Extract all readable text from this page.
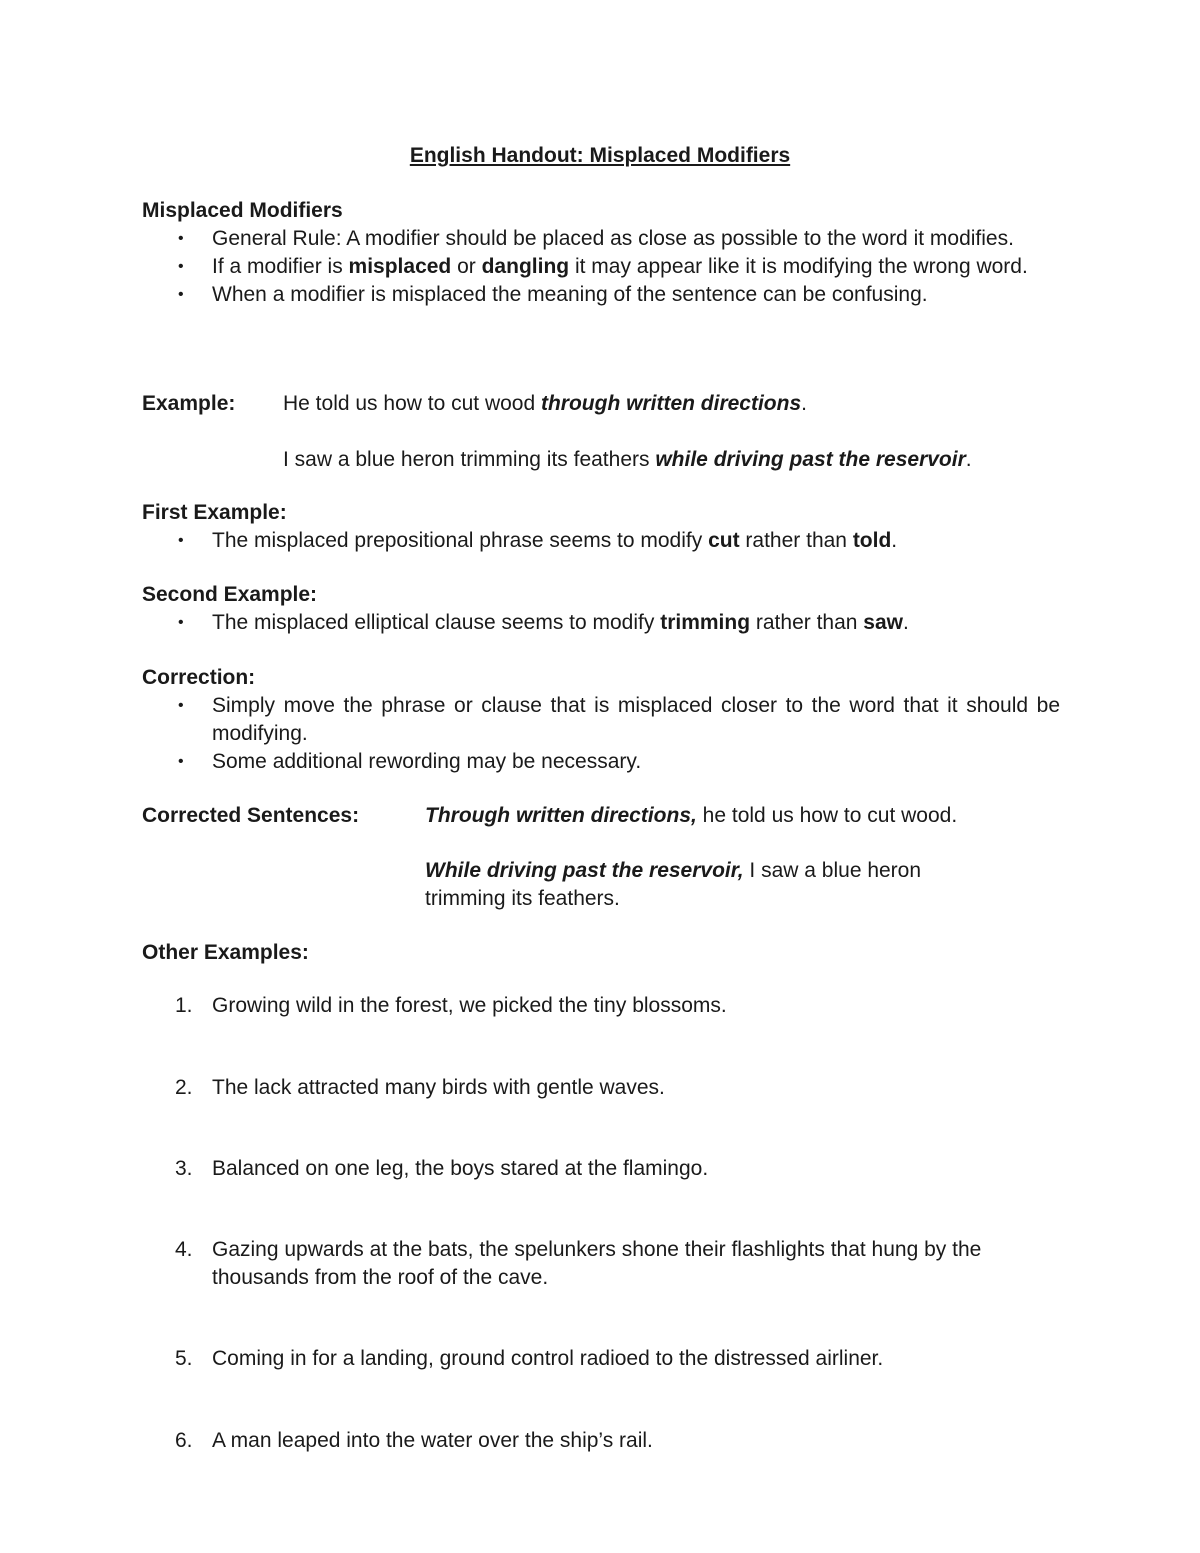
English Handout: Misplaced Modifiers
Misplaced Modifiers
• General Rule: A modifier should be placed as close as possible to the word it modifies.
• If a modifier is misplaced or dangling it may appear like it is modifying the wrong word.
• When a modifier is misplaced the meaning of the sentence can be confusing.
Example: He told us how to cut wood through written directions.
I saw a blue heron trimming its feathers while driving past the reservoir.
First Example:
• The misplaced prepositional phrase seems to modify cut rather than told.
Second Example:
• The misplaced elliptical clause seems to modify trimming rather than saw.
Correction:
• Simply move the phrase or clause that is misplaced closer to the word that it should be modifying.
• Some additional rewording may be necessary.
Corrected Sentences:	Through written directions, he told us how to cut wood.
While driving past the reservoir, I saw a blue heron trimming its feathers.
Other Examples:
1. Growing wild in the forest, we picked the tiny blossoms.
2. The lack attracted many birds with gentle waves.
3. Balanced on one leg, the boys stared at the flamingo.
4. Gazing upwards at the bats, the spelunkers shone their flashlights that hung by the thousands from the roof of the cave.
5. Coming in for a landing, ground control radioed to the distressed airliner.
6. A man leaped into the water over the ship’s rail.
